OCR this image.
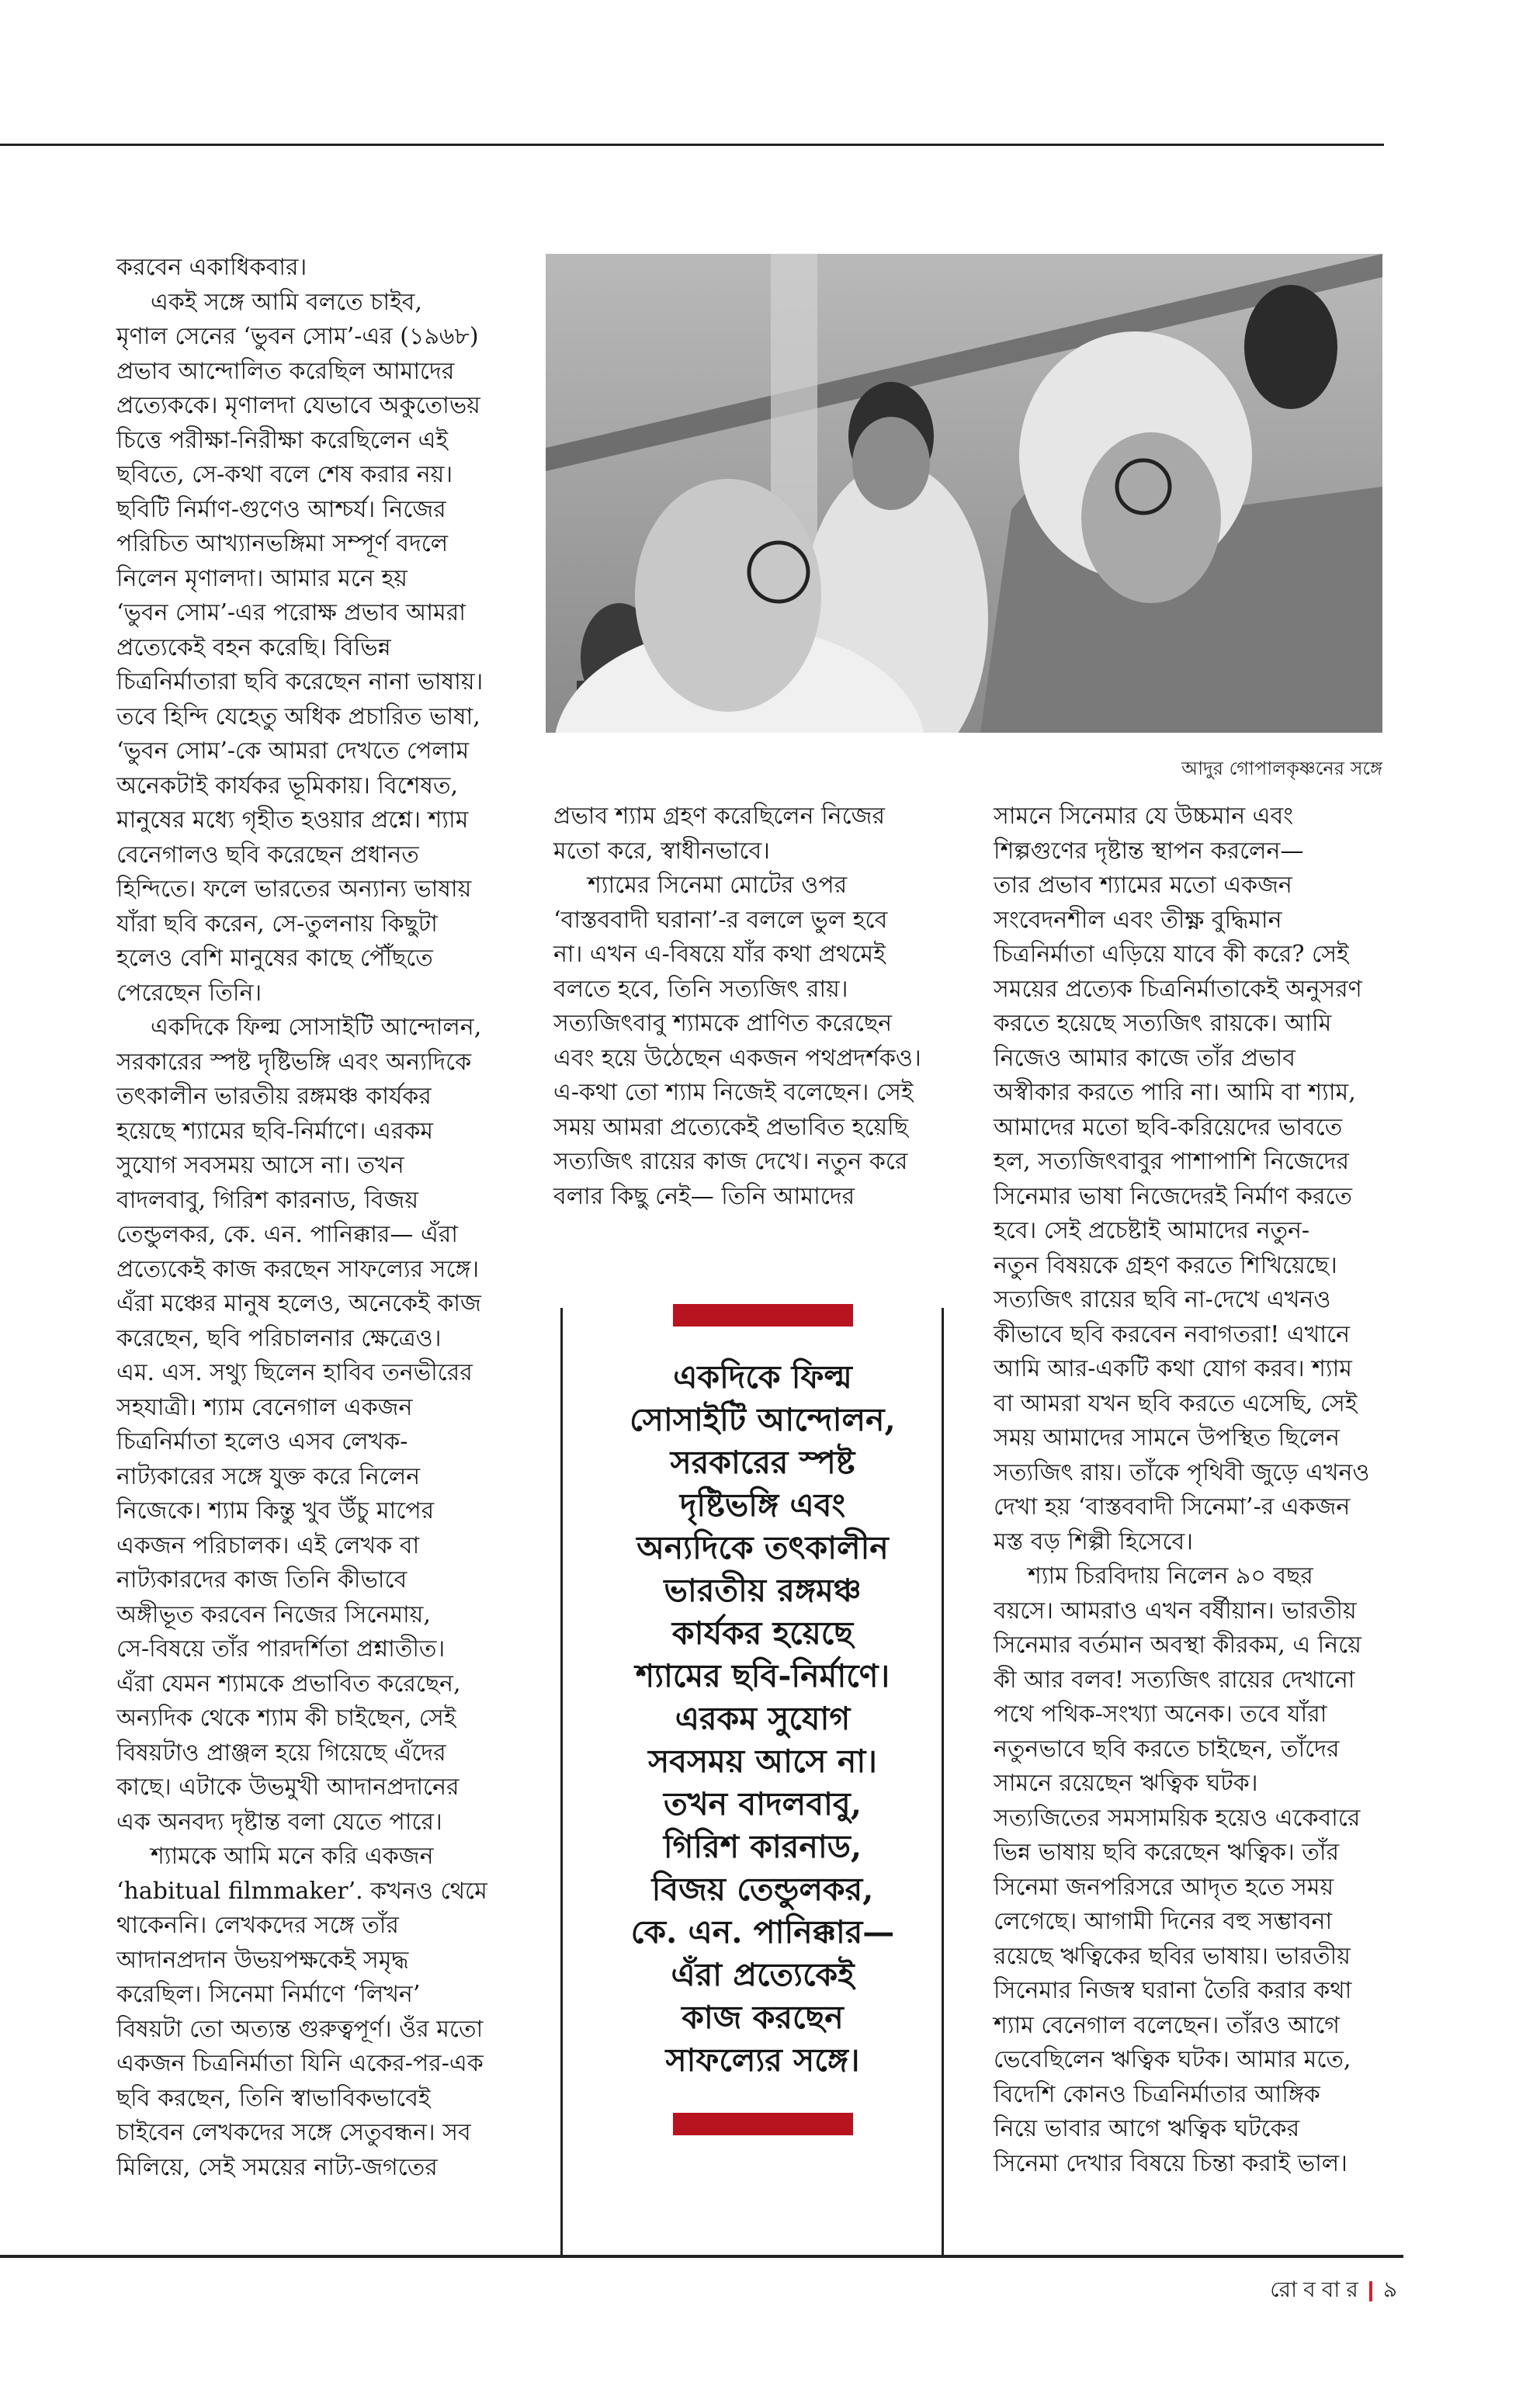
করবেন একাধিকবার।
একই সঙ্গে আমি বলতে চাইব,
মৃণাল সেনের ‘ভুবন সোম’-এর (১৯৬৮)
প্রভাব আন্দোলিত করেছিল আমাদের
প্রত্যেককে। মৃণালদা যেভাবে অকুতোভয়
চিত্তে পরীক্ষা-নিরীক্ষা করেছিলেন এই
ছবিতে, সে-কথা বলে শেষ করার নয়।
ছবিটি নির্মাণ-গুণেও আশ্চর্য। নিজের
পরিচিত আখ্যানভঙ্গিমা সম্পূর্ণ বদলে
নিলেন মৃণালদা। আমার মনে হয়
‘ভুবন সোম’-এর পরোক্ষ প্রভাব আমরা
প্রত্যেকেই বহন করেছি। বিভিন্ন
চিত্রনির্মাতারা ছবি করেছেন নানা ভাষায়।
তবে হিন্দি যেহেতু অধিক প্রচারিত ভাষা,
‘ভুবন সোম’-কে আমরা দেখতে পেলাম
অনেকটাই কার্যকর ভূমিকায়। বিশেষত,
মানুষের মধ্যে গৃহীত হওয়ার প্রশ্নে। শ্যাম
বেনেগালও ছবি করেছেন প্রধানত
হিন্দিতে। ফলে ভারতের অন্যান্য ভাষায়
যাঁরা ছবি করেন, সে-তুলনায় কিছুটা
হলেও বেশি মানুষের কাছে পৌঁছতে
পেরেছেন তিনি।
একদিকে ফিল্ম সোসাইটি আন্দোলন,
সরকারের স্পষ্ট দৃষ্টিভঙ্গি এবং অন্যদিকে
তৎকালীন ভারতীয় রঙ্গমঞ্চ কার্যকর
হয়েছে শ্যামের ছবি-নির্মাণে। এরকম
সুযোগ সবসময় আসে না। তখন
বাদলবাবু, গিরিশ কারনাড, বিজয়
তেন্ডুলকর, কে. এন. পানিক্কার— এঁরা
প্রত্যেকেই কাজ করছেন সাফল্যের সঙ্গে।
এঁরা মঞ্চের মানুষ হলেও, অনেকেই কাজ
করেছেন, ছবি পরিচালনার ক্ষেত্রেও।
এম. এস. সথ্যু ছিলেন হাবিব তনভীরের
সহযাত্রী। শ্যাম বেনেগাল একজন
চিত্রনির্মাতা হলেও এসব লেখক-
নাট্যকারের সঙ্গে যুক্ত করে নিলেন
নিজেকে। শ্যাম কিন্তু খুব উঁচু মাপের
একজন পরিচালক। এই লেখক বা
নাট্যকারদের কাজ তিনি কীভাবে
অঙ্গীভূত করবেন নিজের সিনেমায়,
সে-বিষয়ে তাঁর পারদর্শিতা প্রশ্নাতীত।
এঁরা যেমন শ্যামকে প্রভাবিত করেছেন,
অন্যদিক থেকে শ্যাম কী চাইছেন, সেই
বিষয়টাও প্রাঞ্জল হয়ে গিয়েছে এঁদের
কাছে। এটাকে উভমুখী আদানপ্রদানের
এক অনবদ্য দৃষ্টান্ত বলা যেতে পারে।
শ্যামকে আমি মনে করি একজন
‘habitual filmmaker’. কখনও থেমে
থাকেননি। লেখকদের সঙ্গে তাঁর
আদানপ্রদান উভয়পক্ষকেই সমৃদ্ধ
করেছিল। সিনেমা নির্মাণে ‘লিখন’
বিষয়টা তো অত্যন্ত গুরুত্বপূর্ণ। ওঁর মতো
একজন চিত্রনির্মাতা যিনি একের-পর-এক
ছবি করছেন, তিনি স্বাভাবিকভাবেই
চাইবেন লেখকদের সঙ্গে সেতুবন্ধন। সব
মিলিয়ে, সেই সময়ের নাট্য-জগতের
আদুর গোপালকৃষ্ণনের সঙ্গে
প্রভাব শ্যাম গ্রহণ করেছিলেন নিজের
মতো করে, স্বাধীনভাবে।
শ্যামের সিনেমা মোটের ওপর
‘বাস্তববাদী ঘরানা’-র বললে ভুল হবে
না। এখন এ-বিষয়ে যাঁর কথা প্রথমেই
বলতে হবে, তিনি সত্যজিৎ রায়।
সত্যজিৎবাবু শ্যামকে প্রাণিত করেছেন
এবং হয়ে উঠেছেন একজন পথপ্রদর্শকও।
এ-কথা তো শ্যাম নিজেই বলেছেন। সেই
সময় আমরা প্রত্যেকেই প্রভাবিত হয়েছি
সত্যজিৎ রায়ের কাজ দেখে। নতুন করে
বলার কিছু নেই— তিনি আমাদের
একদিকে ফিল্ম
সোসাইটি আন্দোলন,
সরকারের স্পষ্ট
দৃষ্টিভঙ্গি এবং
অন্যদিকে তৎকালীন
ভারতীয় রঙ্গমঞ্চ
কার্যকর হয়েছে
শ্যামের ছবি-নির্মাণে।
এরকম সুযোগ
সবসময় আসে না।
তখন বাদলবাবু,
গিরিশ কারনাড,
বিজয় তেন্ডুলকর,
কে. এন. পানিক্কার—
এঁরা প্রত্যেকেই
কাজ করছেন
সাফল্যের সঙ্গে।
সামনে সিনেমার যে উচ্চমান এবং
শিল্পগুণের দৃষ্টান্ত স্থাপন করলেন—
তার প্রভাব শ্যামের মতো একজন
সংবেদনশীল এবং তীক্ষ্ণ বুদ্ধিমান
চিত্রনির্মাতা এড়িয়ে যাবে কী করে? সেই
সময়ের প্রত্যেক চিত্রনির্মাতাকেই অনুসরণ
করতে হয়েছে সত্যজিৎ রায়কে। আমি
নিজেও আমার কাজে তাঁর প্রভাব
অস্বীকার করতে পারি না। আমি বা শ্যাম,
আমাদের মতো ছবি-করিয়েদের ভাবতে
হল, সত্যজিৎবাবুর পাশাপাশি নিজেদের
সিনেমার ভাষা নিজেদেরই নির্মাণ করতে
হবে। সেই প্রচেষ্টাই আমাদের নতুন-
নতুন বিষয়কে গ্রহণ করতে শিখিয়েছে।
সত্যজিৎ রায়ের ছবি না-দেখে এখনও
কীভাবে ছবি করবেন নবাগতরা! এখানে
আমি আর-একটি কথা যোগ করব। শ্যাম
বা আমরা যখন ছবি করতে এসেছি, সেই
সময় আমাদের সামনে উপস্থিত ছিলেন
সত্যজিৎ রায়। তাঁকে পৃথিবী জুড়ে এখনও
দেখা হয় ‘বাস্তববাদী সিনেমা’-র একজন
মস্ত বড় শিল্পী হিসেবে।
শ্যাম চিরবিদায় নিলেন ৯০ বছর
বয়সে। আমরাও এখন বর্ষীয়ান। ভারতীয়
সিনেমার বর্তমান অবস্থা কীরকম, এ নিয়ে
কী আর বলব! সত্যজিৎ রায়ের দেখানো
পথে পথিক-সংখ্যা অনেক। তবে যাঁরা
নতুনভাবে ছবি করতে চাইছেন, তাঁদের
সামনে রয়েছেন ঋত্বিক ঘটক।
সত্যজিতের সমসাময়িক হয়েও একেবারে
ভিন্ন ভাষায় ছবি করেছেন ঋত্বিক। তাঁর
সিনেমা জনপরিসরে আদৃত হতে সময়
লেগেছে। আগামী দিনের বহু সম্ভাবনা
রয়েছে ঋত্বিকের ছবির ভাষায়। ভারতীয়
সিনেমার নিজস্ব ঘরানা তৈরি করার কথা
শ্যাম বেনেগাল বলেছেন। তাঁরও আগে
ভেবেছিলেন ঋত্বিক ঘটক। আমার মতে,
বিদেশি কোনও চিত্রনির্মাতার আঙ্গিক
নিয়ে ভাবার আগে ঋত্বিক ঘটকের
সিনেমা দেখার বিষয়ে চিন্তা করাই ভাল।
রোববার ৯
